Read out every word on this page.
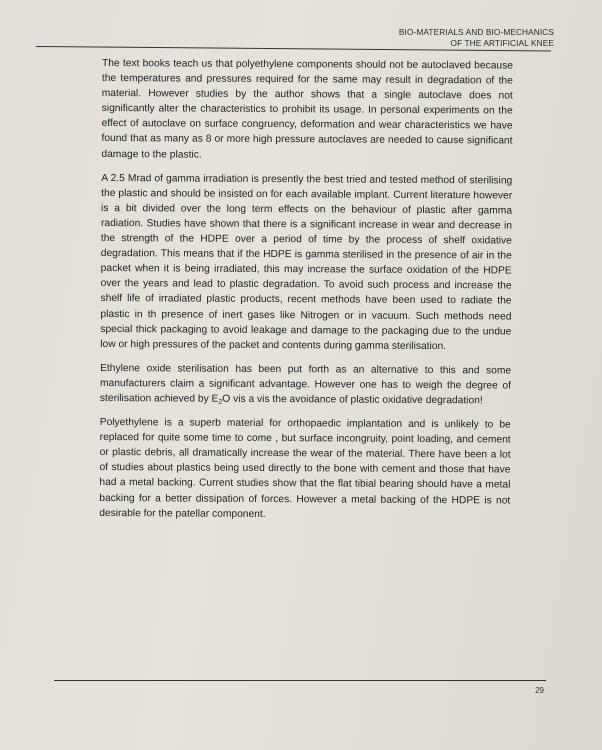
BIO-MATERIALS AND BIO-MECHANICS
OF THE ARTIFICIAL KNEE

The text books teach us that polyethylene components should not be autoclaved because the temperatures and pressures required for the same may result in degradation of the material. However studies by the author shows that a single autoclave does not significantly alter the characteristics to prohibit its usage. In personal experiments on the effect of autoclave on surface congruency, deformation and wear characteristics we have found that as many as 8 or more high pressure autoclaves are needed to cause significant damage to the plastic.

A 2.5 Mrad of gamma irradiation is presently the best tried and tested method of sterilising the plastic and should be insisted on for each available implant. Current literature however is a bit divided over the long term effects on the behaviour of plastic after gamma radiation. Studies have shown that there is a significant increase in wear and decrease in the strength of the HDPE over a period of time by the process of shelf oxidative degradation. This means that if the HDPE is gamma sterilised in the presence of air in the packet when it is being irradiated, this may increase the surface oxidation of the HDPE over the years and lead to plastic degradation. To avoid such process and increase the shelf life of irradiated plastic products, recent methods have been used to radiate the plastic in th presence of inert gases like Nitrogen or in vacuum. Such methods need special thick packaging to avoid leakage and damage to the packaging due to the undue low or high pressures of the packet and contents during gamma sterilisation.

Ethylene oxide sterilisation has been put forth as an alternative to this and some manufacturers claim a significant advantage. However one has to weigh the degree of sterilisation achieved by $E_2O$ vis a vis the avoidance of plastic oxidative degradation!

Polyethylene is a superb material for orthopaedic implantation and is unlikely to be replaced for quite some time to come , but surface incongruity, point loading, and cement or plastic debris, all dramatically increase the wear of the material. There have been a lot of studies about plastics being used directly to the bone with cement and those that have had a metal backing. Current studies show that the flat tibial bearing should have a metal backing for a better dissipation of forces. However a metal backing of the HDPE is not desirable for the patellar component.

29
